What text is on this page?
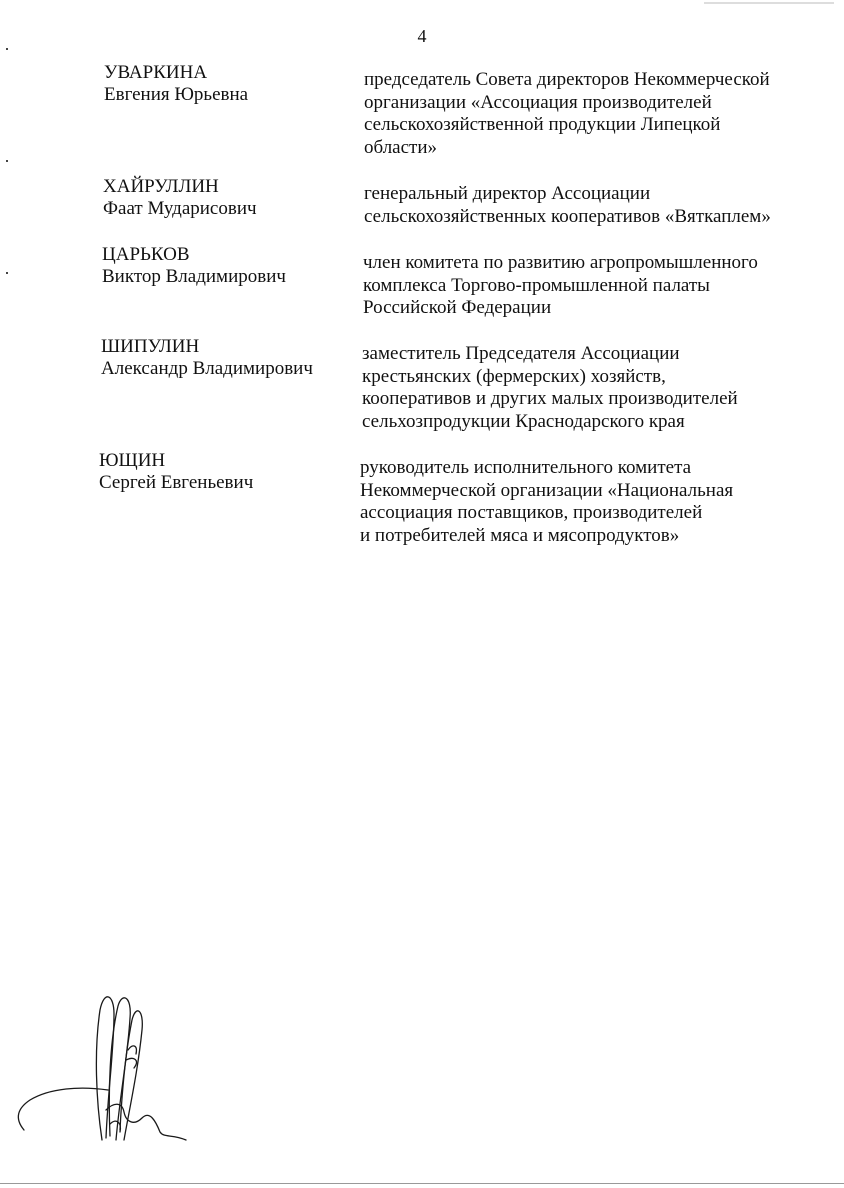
4
УВАРКИНА
Евгения Юрьевна
председатель Совета директоров Некоммерческой
организации «Ассоциация производителей
сельскохозяйственной продукции Липецкой
области»
ХАЙРУЛЛИН
Фаат Мударисович
генеральный директор Ассоциации
сельскохозяйственных кооперативов «Вяткаплем»
ЦАРЬКОВ
Виктор Владимирович
член комитета по развитию агропромышленного
комплекса Торгово-промышленной палаты
Российской Федерации
ШИПУЛИН
Александр Владимирович
заместитель Председателя Ассоциации
крестьянских (фермерских) хозяйств,
кооперативов и других малых производителей
сельхозпродукции Краснодарского края
ЮЩИН
Сергей Евгеньевич
руководитель исполнительного комитета
Некоммерческой организации «Национальная
ассоциация поставщиков, производителей
и потребителей мяса и мясопродуктов»
